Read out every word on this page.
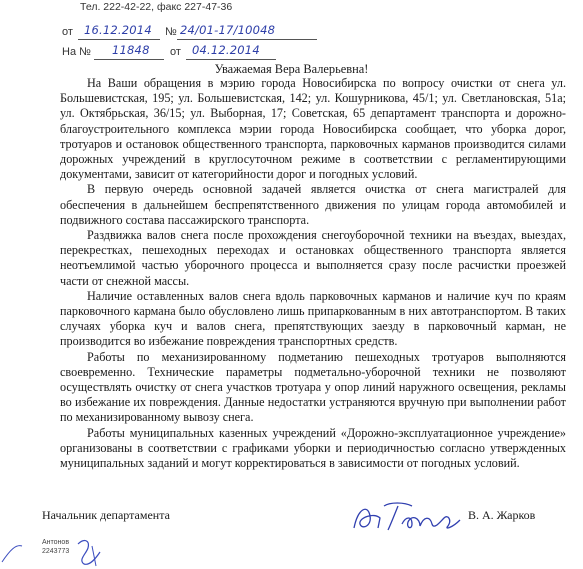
Тел. 222-42-22, факс 227-47-36
от 16.12.2014 № 24/01-17/10048
На № 11848 от 04.12.2014
Уважаемая Вера Валерьевна!

На Ваши обращения в мэрию города Новосибирска по вопросу очистки от снега ул. Большевистская, 195; ул. Большевистская, 142; ул. Кошурникова, 45/1; ул. Светлановская, 51а; ул. Октябрьская, 36/15; ул. Выборная, 17; Советская, 65 департамент транспорта и дорожно-благоустроительного комплекса мэрии города Новосибирска сообщает, что уборка дорог, тротуаров и остановок общественного транспорта, парковочных карманов производится силами дорожных учреждений в круглосуточном режиме в соответствии с регламентирующими документами, зависит от категорийности дорог и погодных условий.

В первую очередь основной задачей является очистка от снега магистралей для обеспечения в дальнейшем беспрепятственного движения по улицам города автомобилей и подвижного состава пассажирского транспорта.

Раздвижка валов снега после прохождения снегоуборочной техники на въездах, выездах, перекрестках, пешеходных переходах и остановках общественного транспорта является неотъемлимой частью уборочного процесса и выполняется сразу после расчистки проезжей части от снежной массы.

Наличие оставленных валов снега вдоль парковочных карманов и наличие куч по краям парковочного кармана было обусловлено лишь припаркованным в них автотранспортом. В таких случаях уборка куч и валов снега, препятствующих заезду в парковочный карман, не производится во избежание повреждения транспортных средств.

Работы по механизированному подметанию пешеходных тротуаров выполняются своевременно. Технические параметры подметально-уборочной техники не позволяют осуществлять очистку от снега участков тротуара у опор линий наружного освещения, рекламы во избежание их повреждения. Данные недостатки устраняются вручную при выполнении работ по механизированному вывозу снега.

Работы муниципальных казенных учреждений «Дорожно-эксплуатационное учреждение» организованы в соответствии с графиками уборки и периодичностью согласно утвержденных муниципальных заданий и могут корректироваться в зависимости от погодных условий.

Начальник департамента	В. А. Жарков
Антонов
2243773
